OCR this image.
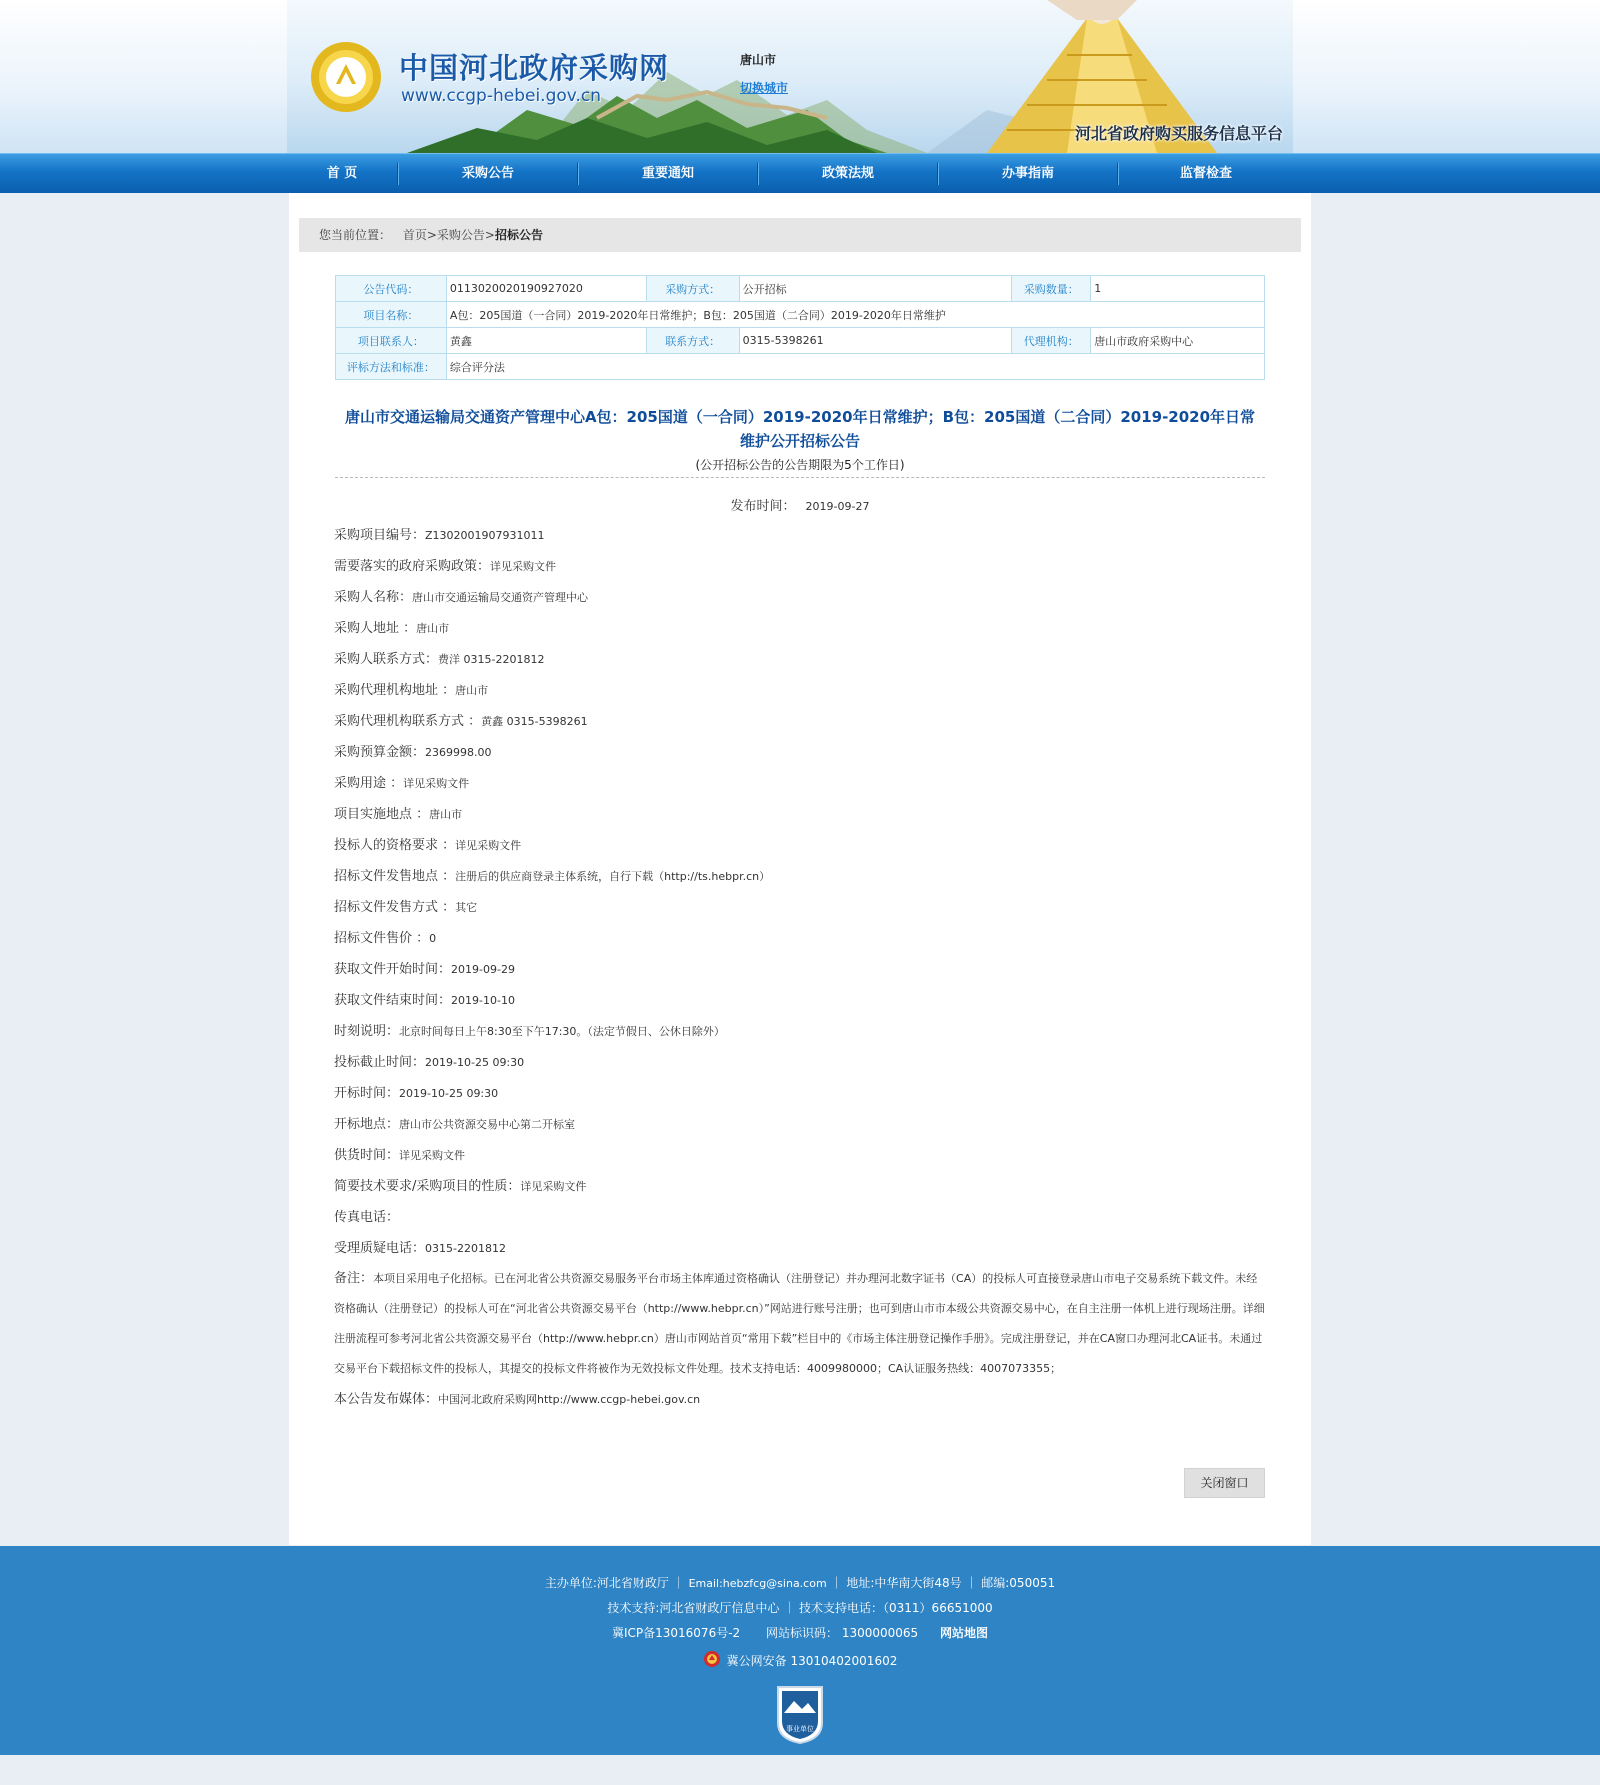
中国河北政府采购网
www.ccgp-hebei.gov.cn
唐山市
切换城市
河北省政府购买服务信息平台
首 页	采购公告	重要通知	政策法规	办事指南	监督检查
您当前位置： 首页>采购公告>招标公告
公告代码：	0113020020190927020	采购方式：	公开招标	采购数量：	1
项目名称：	A包：205国道（一合同）2019-2020年日常维护；B包：205国道（二合同）2019-2020年日常维护				
项目联系人：	黄鑫	联系方式：	0315-5398261	代理机构：	唐山市政府采购中心
评标方法和标准：	综合评分法				
唐山市交通运输局交通资产管理中心A包：205国道（一合同）2019-2020年日常维护；B包：205国道（二合同）2019-2020年日常
维护公开招标公告
(公开招标公告的公告期限为5个工作日)
发布时间： 2019-09-27
采购项目编号：Z1302001907931011
需要落实的政府采购政策：详见采购文件
采购人名称：唐山市交通运输局交通资产管理中心
采购人地址 ：唐山市
采购人联系方式：费洋 0315-2201812
采购代理机构地址 ：唐山市
采购代理机构联系方式 ：黄鑫 0315-5398261
采购预算金额：2369998.00
采购用途 ：详见采购文件
项目实施地点 ：唐山市
投标人的资格要求 ：详见采购文件
招标文件发售地点 ：注册后的供应商登录主体系统，自行下载（http://ts.hebpr.cn）
招标文件发售方式 ：其它
招标文件售价 ：0
获取文件开始时间：2019-09-29
获取文件结束时间：2019-10-10
时刻说明：北京时间每日上午8:30至下午17:30。（法定节假日、公休日除外）
投标截止时间：2019-10-25 09:30
开标时间：2019-10-25 09:30
开标地点：唐山市公共资源交易中心第二开标室
供货时间：详见采购文件
简要技术要求/采购项目的性质：详见采购文件
传真电话：
受理质疑电话：0315-2201812
备注：本项目采用电子化招标。已在河北省公共资源交易服务平台市场主体库通过资格确认（注册登记）并办理河北数字证书（CA）的投标人可直接登录唐山市电子交易系统下载文件。未经资格确认（注册登记）的投标人可在“河北省公共资源交易平台（http://www.hebpr.cn）”网站进行账号注册；也可到唐山市市本级公共资源交易中心，在自主注册一体机上进行现场注册。详细注册流程可参考河北省公共资源交易平台（http://www.hebpr.cn）唐山市网站首页“常用下载”栏目中的《市场主体注册登记操作手册》。完成注册登记，并在CA窗口办理河北CA证书。未通过交易平台下载招标文件的投标人，其提交的投标文件将被作为无效投标文件处理。技术支持电话：4009980000；CA认证服务热线：4007073355；
本公告发布媒体：中国河北政府采购网http://www.ccgp-hebei.gov.cn
关闭窗口
主办单位:河北省财政厅 ｜ Email:hebzfcg@sina.com ｜ 地址:中华南大街48号 ｜ 邮编:050051
技术支持:河北省财政厅信息中心 ｜ 技术支持电话：（0311）66651000
冀ICP备13016076号-2 网站标识码： 1300000065 网站地图
冀公网安备 13010402001602
事业单位
